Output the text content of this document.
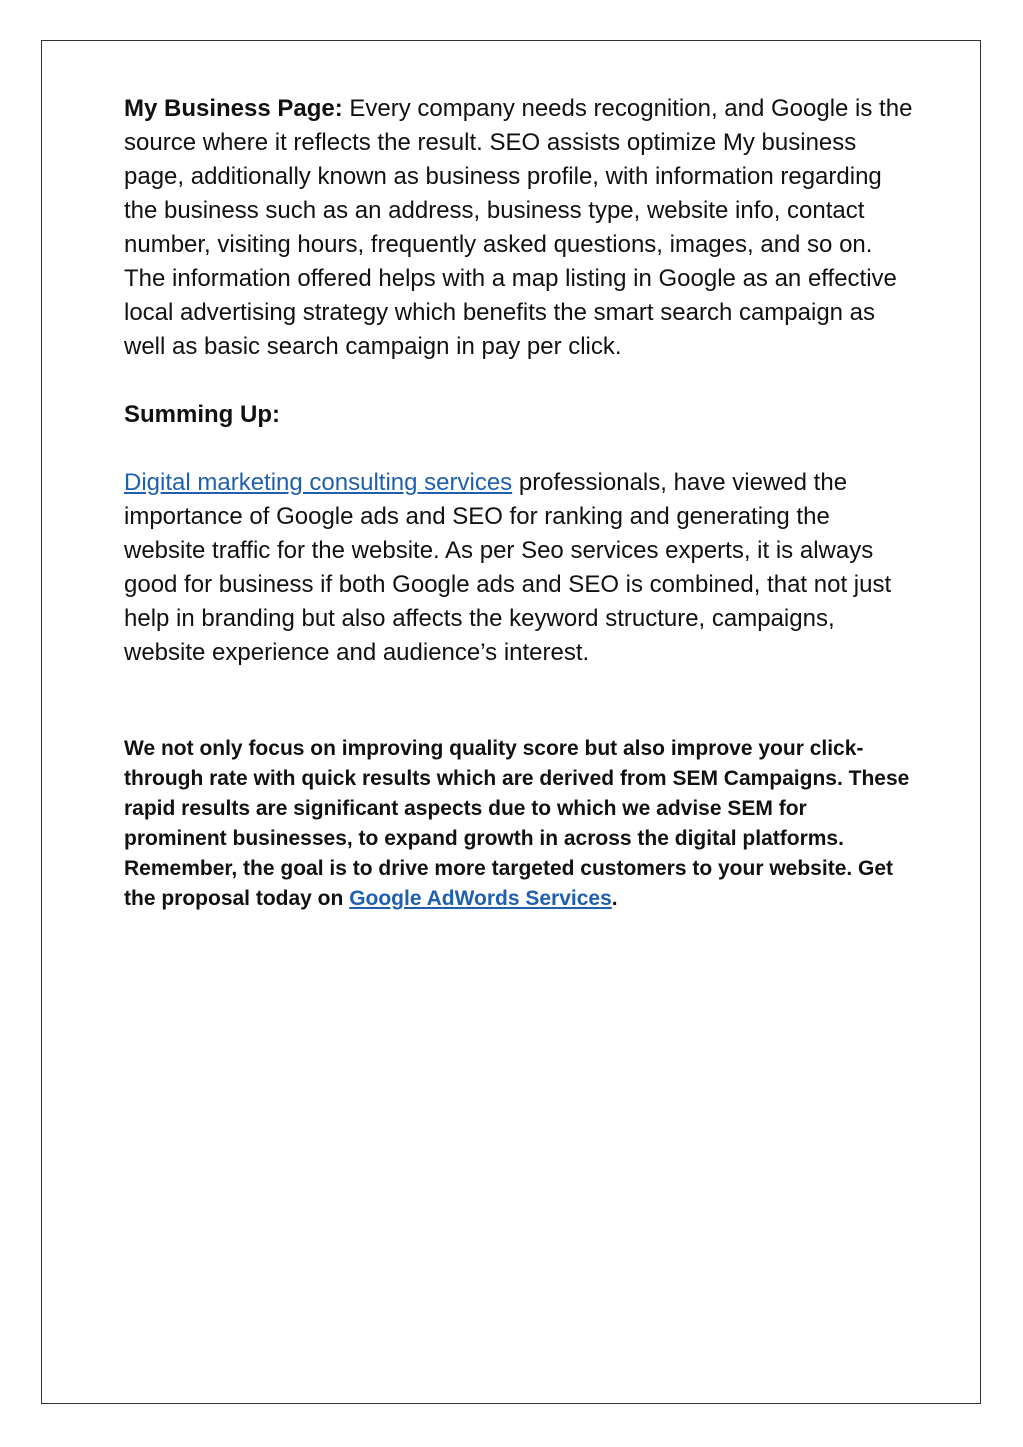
My Business Page: Every company needs recognition, and Google is the source where it reflects the result. SEO assists optimize My business page, additionally known as business profile, with information regarding the business such as an address, business type, website info, contact number, visiting hours, frequently asked questions, images, and so on. The information offered helps with a map listing in Google as an effective local advertising strategy which benefits the smart search campaign as well as basic search campaign in pay per click.

Summing Up:

Digital marketing consulting services professionals, have viewed the importance of Google ads and SEO for ranking and generating the website traffic for the website. As per Seo services experts, it is always good for business if both Google ads and SEO is combined, that not just help in branding but also affects the keyword structure, campaigns, website experience and audience’s interest.

We not only focus on improving quality score but also improve your click-through rate with quick results which are derived from SEM Campaigns. These rapid results are significant aspects due to which we advise SEM for prominent businesses, to expand growth in across the digital platforms. Remember, the goal is to drive more targeted customers to your website. Get the proposal today on Google AdWords Services.
